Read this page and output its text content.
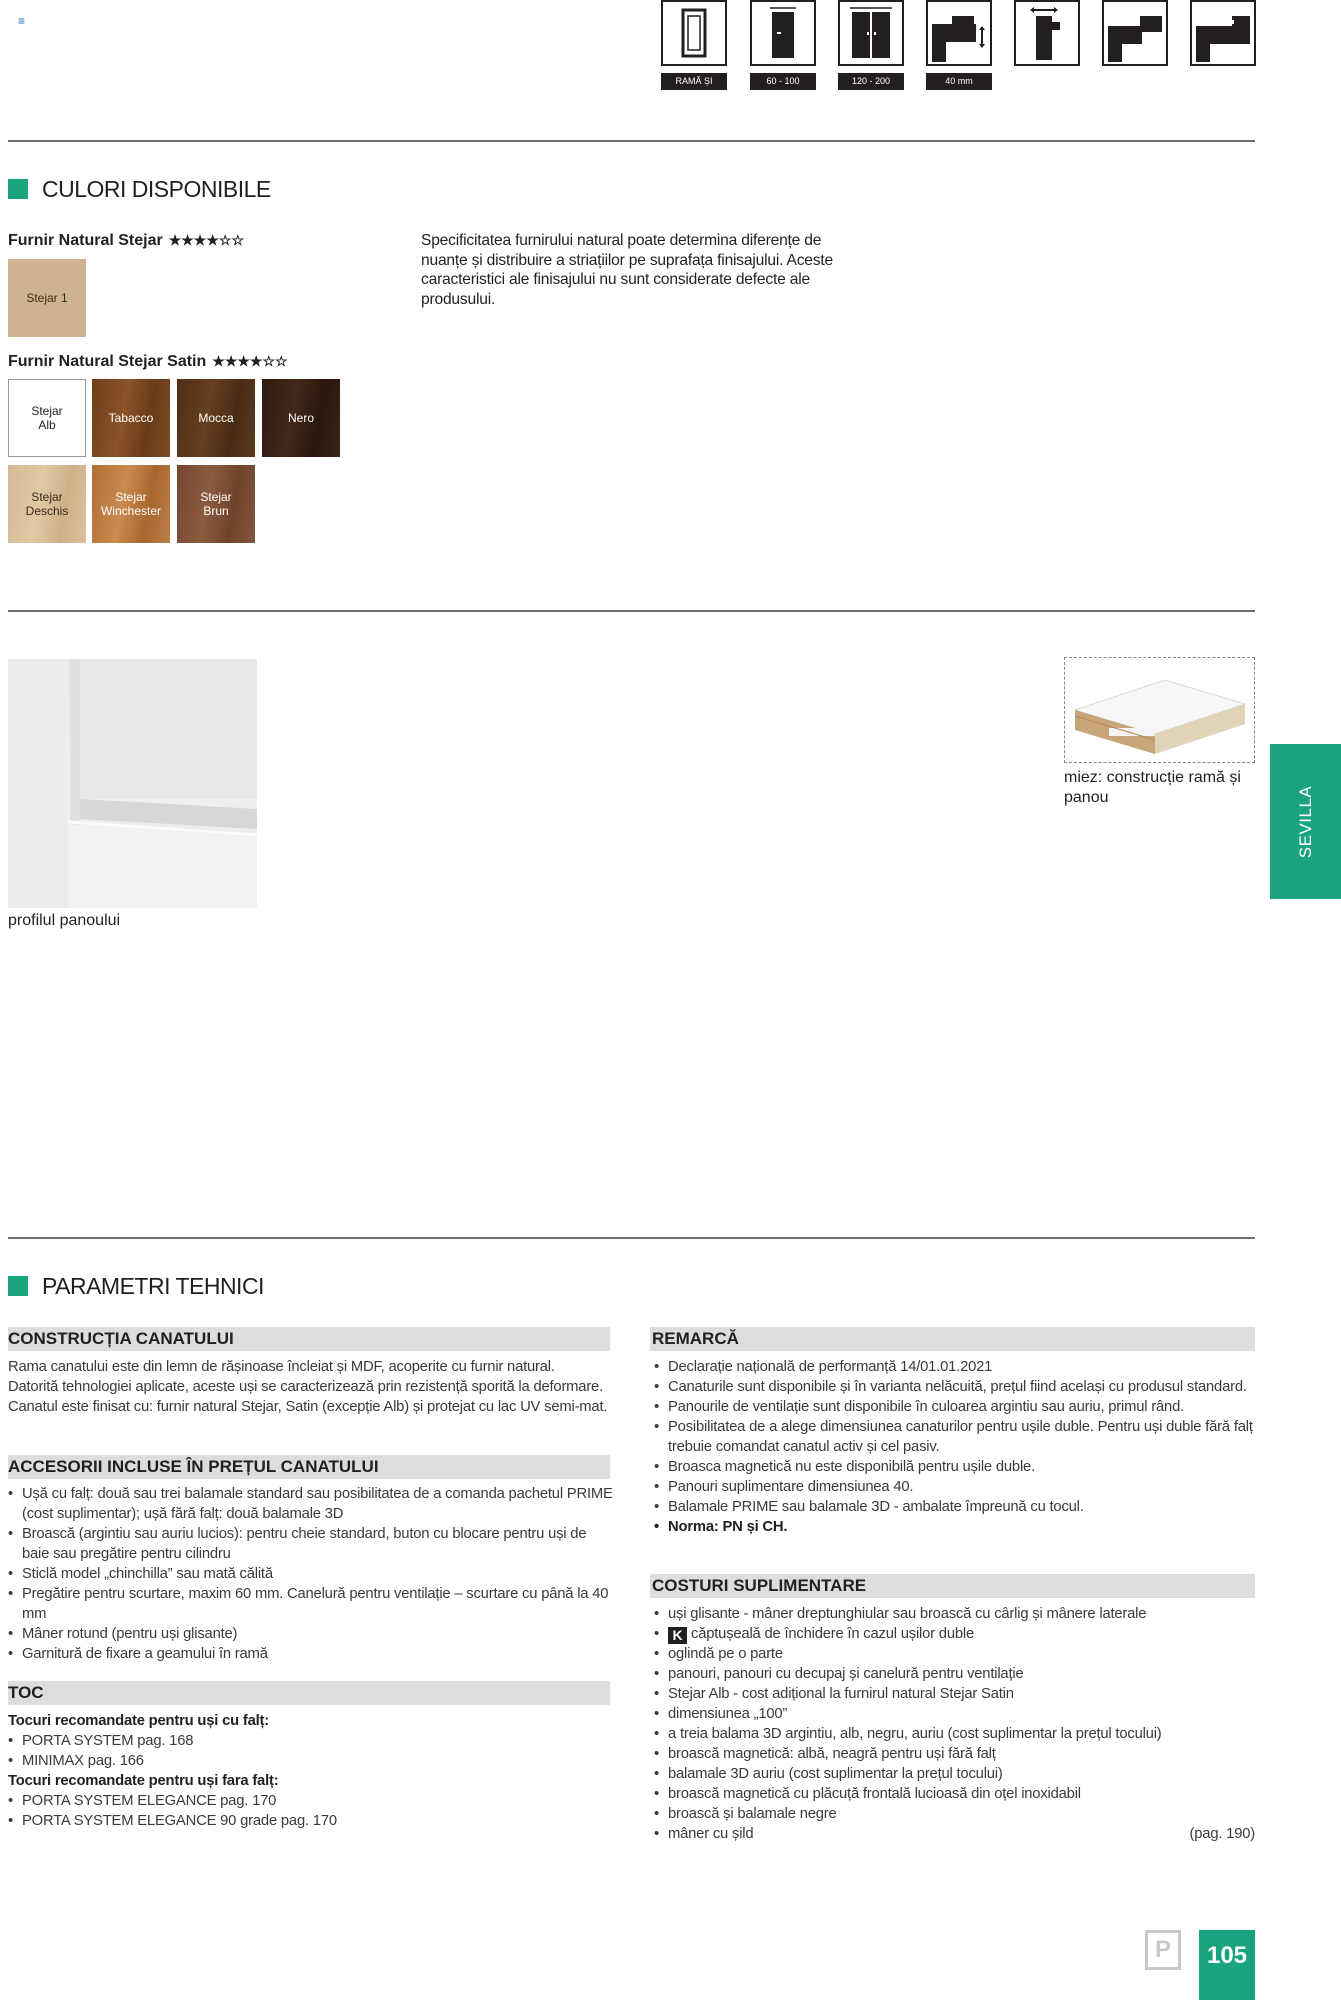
≡
RAMĂ ȘI PANOU
60 - 100	120 - 200	40 mm
CULORI DISPONIBILE
Furnir Natural Stejar ★★★★☆☆
Stejar 1
Specificitatea furnirului natural poate determina diferențe de nuanțe și distribuire a striațiilor pe suprafața finisajului. Aceste caracteristici ale finisajului nu sunt considerate defecte ale produsului.
Furnir Natural Stejar Satin ★★★★☆☆
Stejar
Alb	Tabacco	Mocca	Nero
Stejar
Deschis
Stejar
Winchester
Stejar
Brun
profilul panoului
miez: construcție ramă și panou	SEVILLA
PARAMETRI TEHNICI
CONSTRUCȚIA CANATULUI
Rama canatului este din lemn de rășinoase încleiat și MDF, acoperite cu furnir natural. Datorită tehnologiei aplicate, aceste uși se caracterizează prin rezistență sporită la deformare. Canatul este finisat cu: furnir natural Stejar, Satin (excepție Alb) și protejat cu lac UV semi-mat.
ACCESORII INCLUSE ÎN PREȚUL CANATULUI
• Ușă cu falț: două sau trei balamale standard sau posibilitatea de a comanda pachetul PRIME (cost suplimentar); ușă fără falț: două balamale 3D
• Broască (argintiu sau auriu lucios): pentru cheie standard, buton cu blocare pentru uși de baie sau pregătire pentru cilindru
• Sticlă model „chinchilla” sau mată călită
• Pregătire pentru scurtare, maxim 60 mm. Canelură pentru ventilație – scurtare cu până la 40 mm
• Mâner rotund (pentru uși glisante)
• Garnitură de fixare a geamului în ramă
TOC
Tocuri recomandate pentru uși cu falț:
• PORTA SYSTEM pag. 168
• MINIMAX pag. 166
Tocuri recomandate pentru uși fara falț:
• PORTA SYSTEM ELEGANCE pag. 170
• PORTA SYSTEM ELEGANCE 90 grade pag. 170
REMARCĂ
• Declarație națională de performanță 14/01.01.2021
• Canaturile sunt disponibile și în varianta nelăcuită, prețul fiind același cu produsul standard.
• Panourile de ventilație sunt disponibile în culoarea argintiu sau auriu, primul rând.
• Posibilitatea de a alege dimensiunea canaturilor pentru ușile duble. Pentru uși duble fără falț trebuie comandat canatul activ și cel pasiv.
• Broasca magnetică nu este disponibilă pentru ușile duble.
• Panouri suplimentare dimensiunea 40.
• Balamale PRIME sau balamale 3D - ambalate împreună cu tocul.
• Norma: PN și CH.
COSTURI SUPLIMENTARE
• uși glisante - mâner dreptunghiular sau broască cu cârlig și mânere laterale
• K căptușeală de închidere în cazul ușilor duble
• oglindă pe o parte
• panouri, panouri cu decupaj și canelură pentru ventilație
• Stejar Alb - cost adițional la furnirul natural Stejar Satin
• dimensiunea „100”
• a treia balama 3D argintiu, alb, negru, auriu (cost suplimentar la prețul tocului)
• broască magnetică: albă, neagră pentru uși fără falț
• balamale 3D auriu (cost suplimentar la prețul tocului)
• broască magnetică cu plăcuță frontală lucioasă din oțel inoxidabil
• broască și balamale negre
• mâner cu șild	(pag. 190)
P	105
